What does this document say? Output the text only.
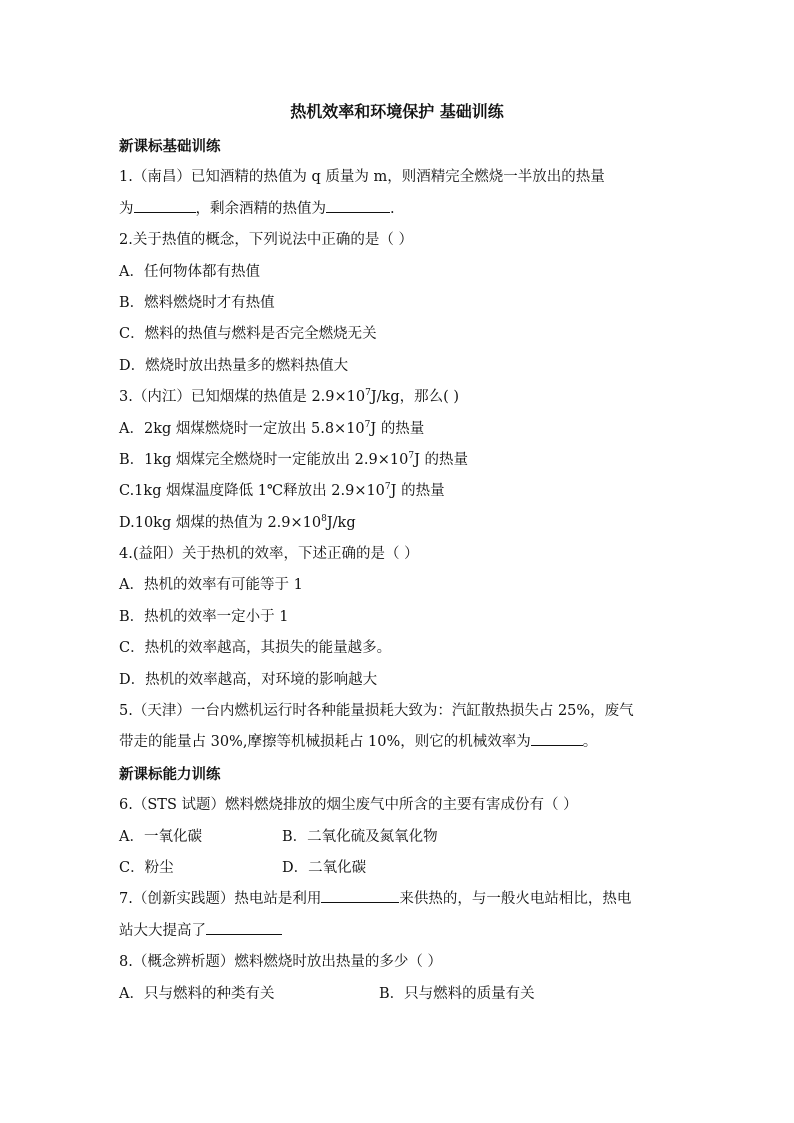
热机效率和环境保护 基础训练
新课标基础训练
1.（南昌）已知酒精的热值为 q 质量为 m，则酒精完全燃烧一半放出的热量
为	，剩余酒精的热值为	.
2.关于热值的概念，下列说法中正确的是（ ）
A．任何物体都有热值
B．燃料燃烧时才有热值
C．燃料的热值与燃料是否完全燃烧无关
D．燃烧时放出热量多的燃料热值大
3.（内江）已知烟煤的热值是 $2.9\times 10^7J/kg$，那么( )
A．2kg 烟煤燃烧时一定放出 $5.8\times 10^7J$ 的热量
B．1kg 烟煤完全燃烧时一定能放出 $2.9\times 10^7J$ 的热量
C.1kg 烟煤温度降低 1℃释放出 $2.9\times 10^7J$ 的热量
D.10kg 烟煤的热值为 $2.9\times 10^8J/kg$
4.(益阳）关于热机的效率，下述正确的是（ ）
A．热机的效率有可能等于 1
B．热机的效率一定小于 1
C．热机的效率越高，其损失的能量越多。
D．热机的效率越高，对环境的影响越大
5.（天津）一台内燃机运行时各种能量损耗大致为：汽缸散热损失占 25%，废气
带走的能量占 30%,摩擦等机械损耗占 10%，则它的机械效率为	。
新课标能力训练
6.（STS 试题）燃料燃烧排放的烟尘废气中所含的主要有害成份有（ ）
A．一氧化碳	B．二氧化硫及氮氧化物
C．粉尘	D．二氧化碳
7.（创新实践题）热电站是利用	来供热的，与一般火电站相比，热电
站大大提高了
8.（概念辨析题）燃料燃烧时放出热量的多少（ ）
A．只与燃料的种类有关	B．只与燃料的质量有关
